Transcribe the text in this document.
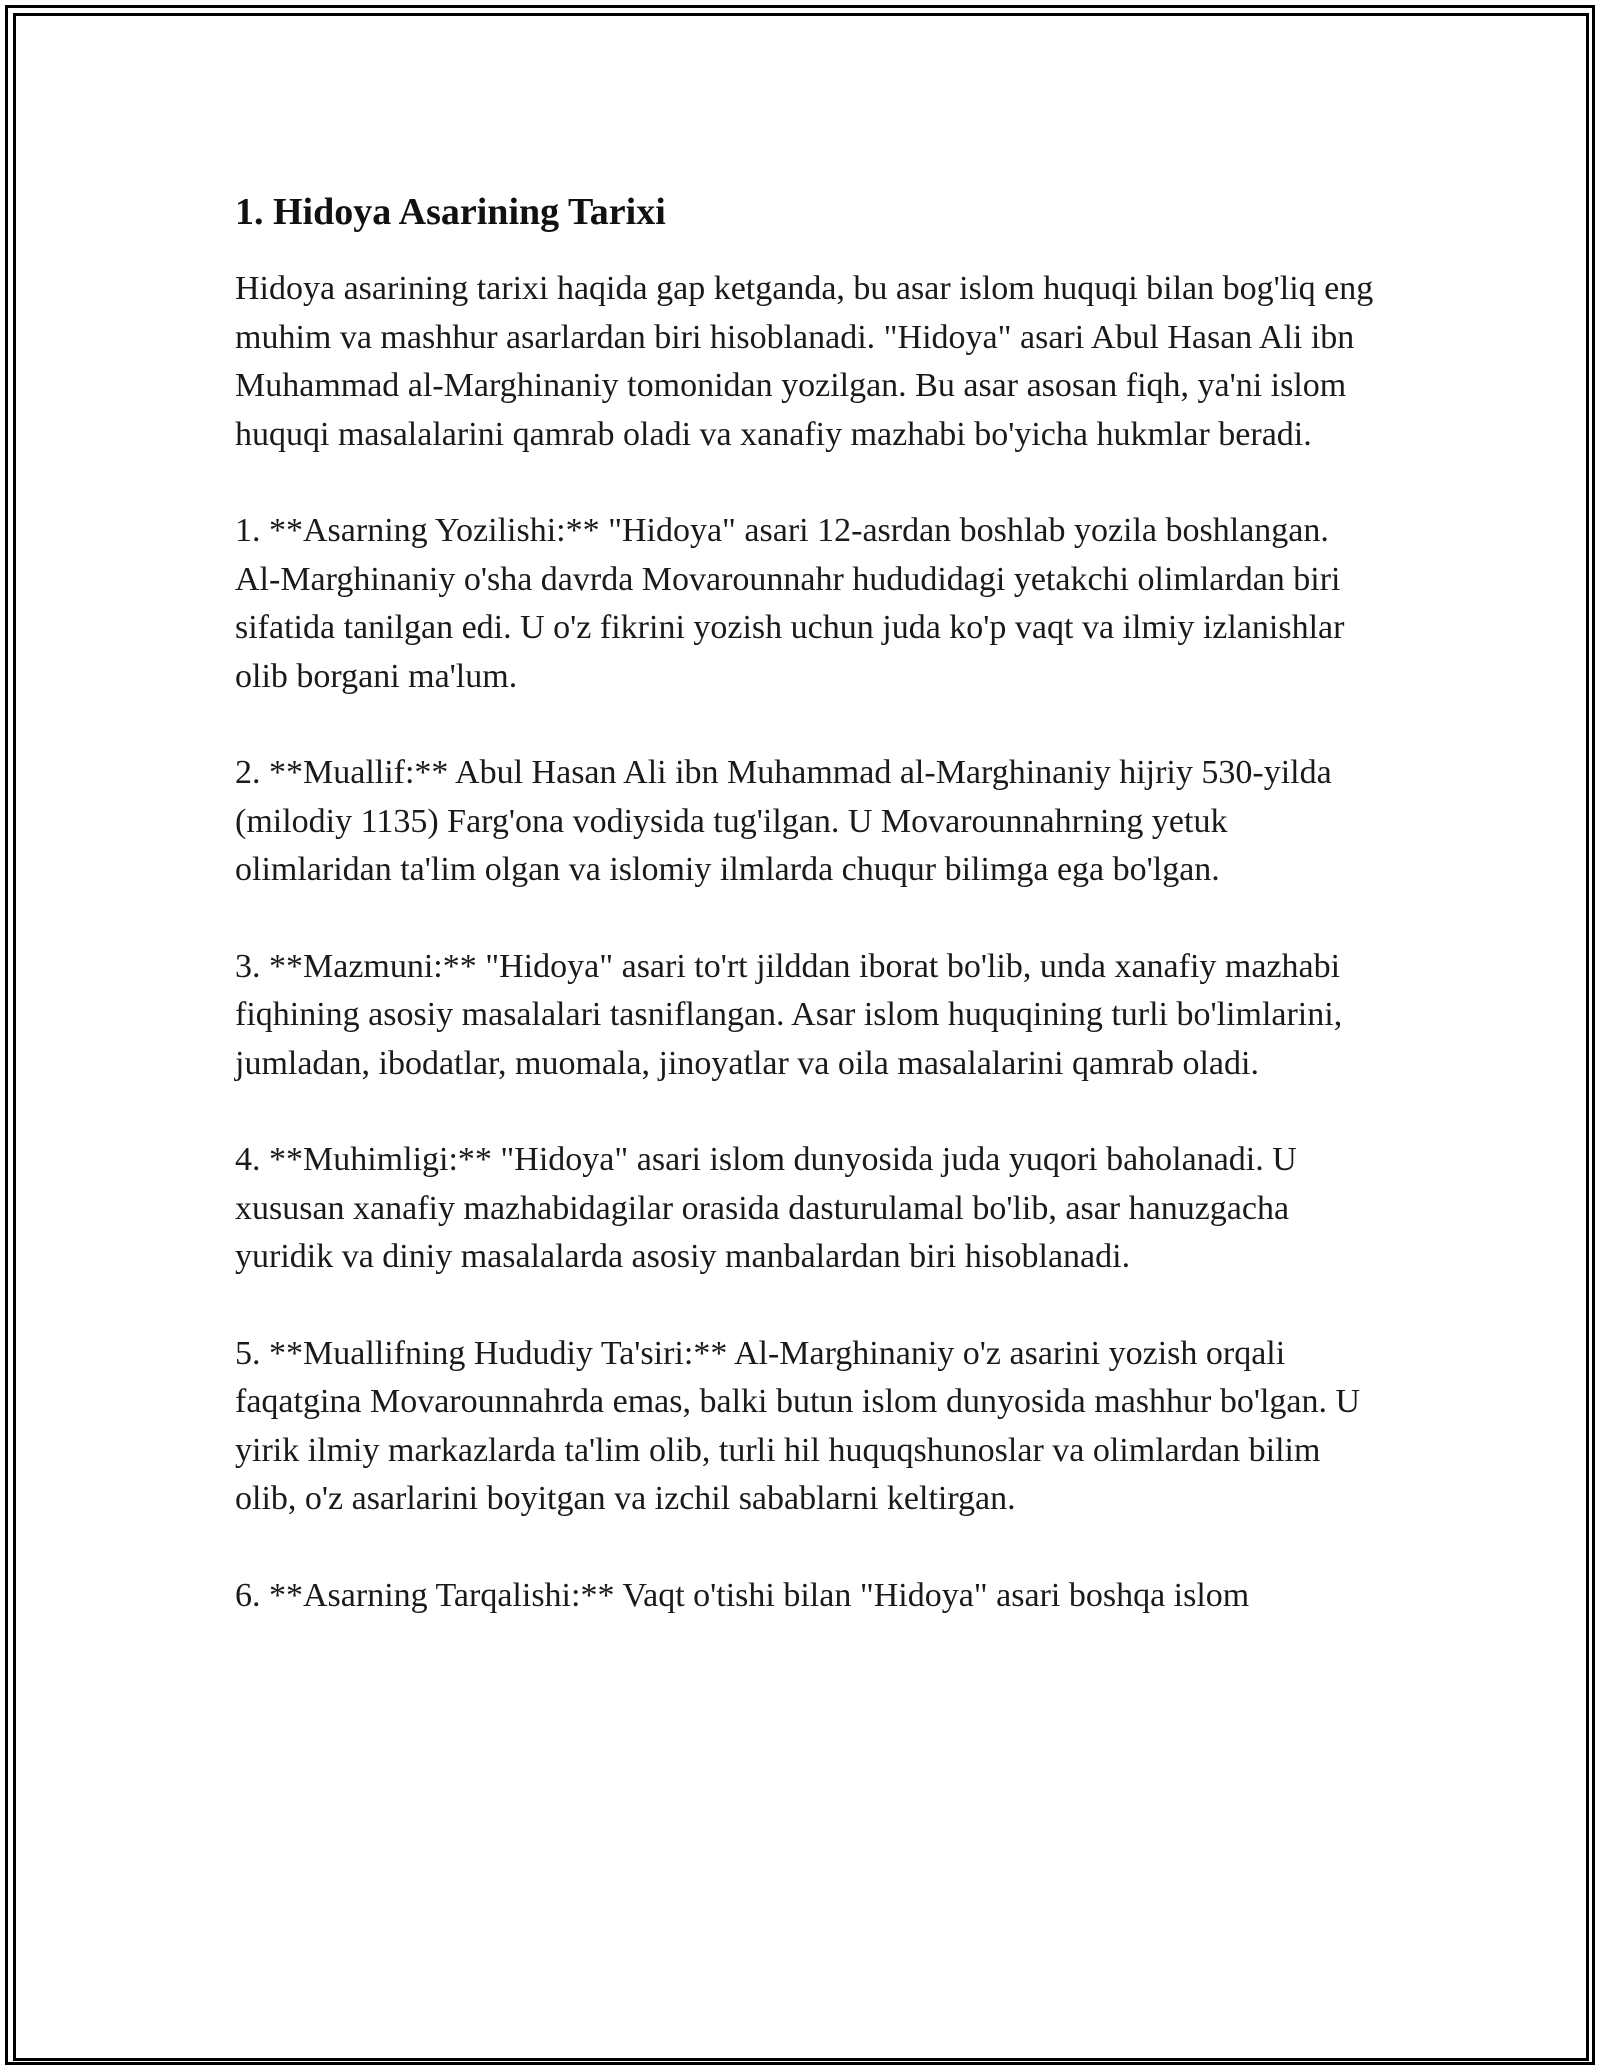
1. Hidoya Asarining Tarixi

Hidoya asarining tarixi haqida gap ketganda, bu asar islom huquqi bilan bog'liq eng muhim va mashhur asarlardan biri hisoblanadi. "Hidoya" asari Abul Hasan Ali ibn Muhammad al-Marghinaniy tomonidan yozilgan. Bu asar asosan fiqh, ya'ni islom huquqi masalalarini qamrab oladi va xanafiy mazhabi bo'yicha hukmlar beradi.

1. **Asarning Yozilishi:** "Hidoya" asari 12-asrdan boshlab yozila boshlangan. Al-Marghinaniy o'sha davrda Movarounnahr hududidagi yetakchi olimlardan biri sifatida tanilgan edi. U o'z fikrini yozish uchun juda ko'p vaqt va ilmiy izlanishlar olib borgani ma'lum.

2. **Muallif:** Abul Hasan Ali ibn Muhammad al-Marghinaniy hijriy 530-yilda (milodiy 1135) Farg'ona vodiysida tug'ilgan. U Movarounnahrning yetuk olimlaridan ta'lim olgan va islomiy ilmlarda chuqur bilimga ega bo'lgan.

3. **Mazmuni:** "Hidoya" asari to'rt jilddan iborat bo'lib, unda xanafiy mazhabi fiqhining asosiy masalalari tasniflangan. Asar islom huquqining turli bo'limlarini, jumladan, ibodatlar, muomala, jinoyatlar va oila masalalarini qamrab oladi.

4. **Muhimligi:** "Hidoya" asari islom dunyosida juda yuqori baholanadi. U xususan xanafiy mazhabidagilar orasida dasturulamal bo'lib, asar hanuzgacha yuridik va diniy masalalarda asosiy manbalardan biri hisoblanadi.

5. **Muallifning Hududiy Ta'siri:** Al-Marghinaniy o'z asarini yozish orqali faqatgina Movarounnahrda emas, balki butun islom dunyosida mashhur bo'lgan. U yirik ilmiy markazlarda ta'lim olib, turli hil huquqshunoslar va olimlardan bilim olib, o'z asarlarini boyitgan va izchil sabablarni keltirgan.

6. **Asarning Tarqalishi:** Vaqt o'tishi bilan "Hidoya" asari boshqa islom
